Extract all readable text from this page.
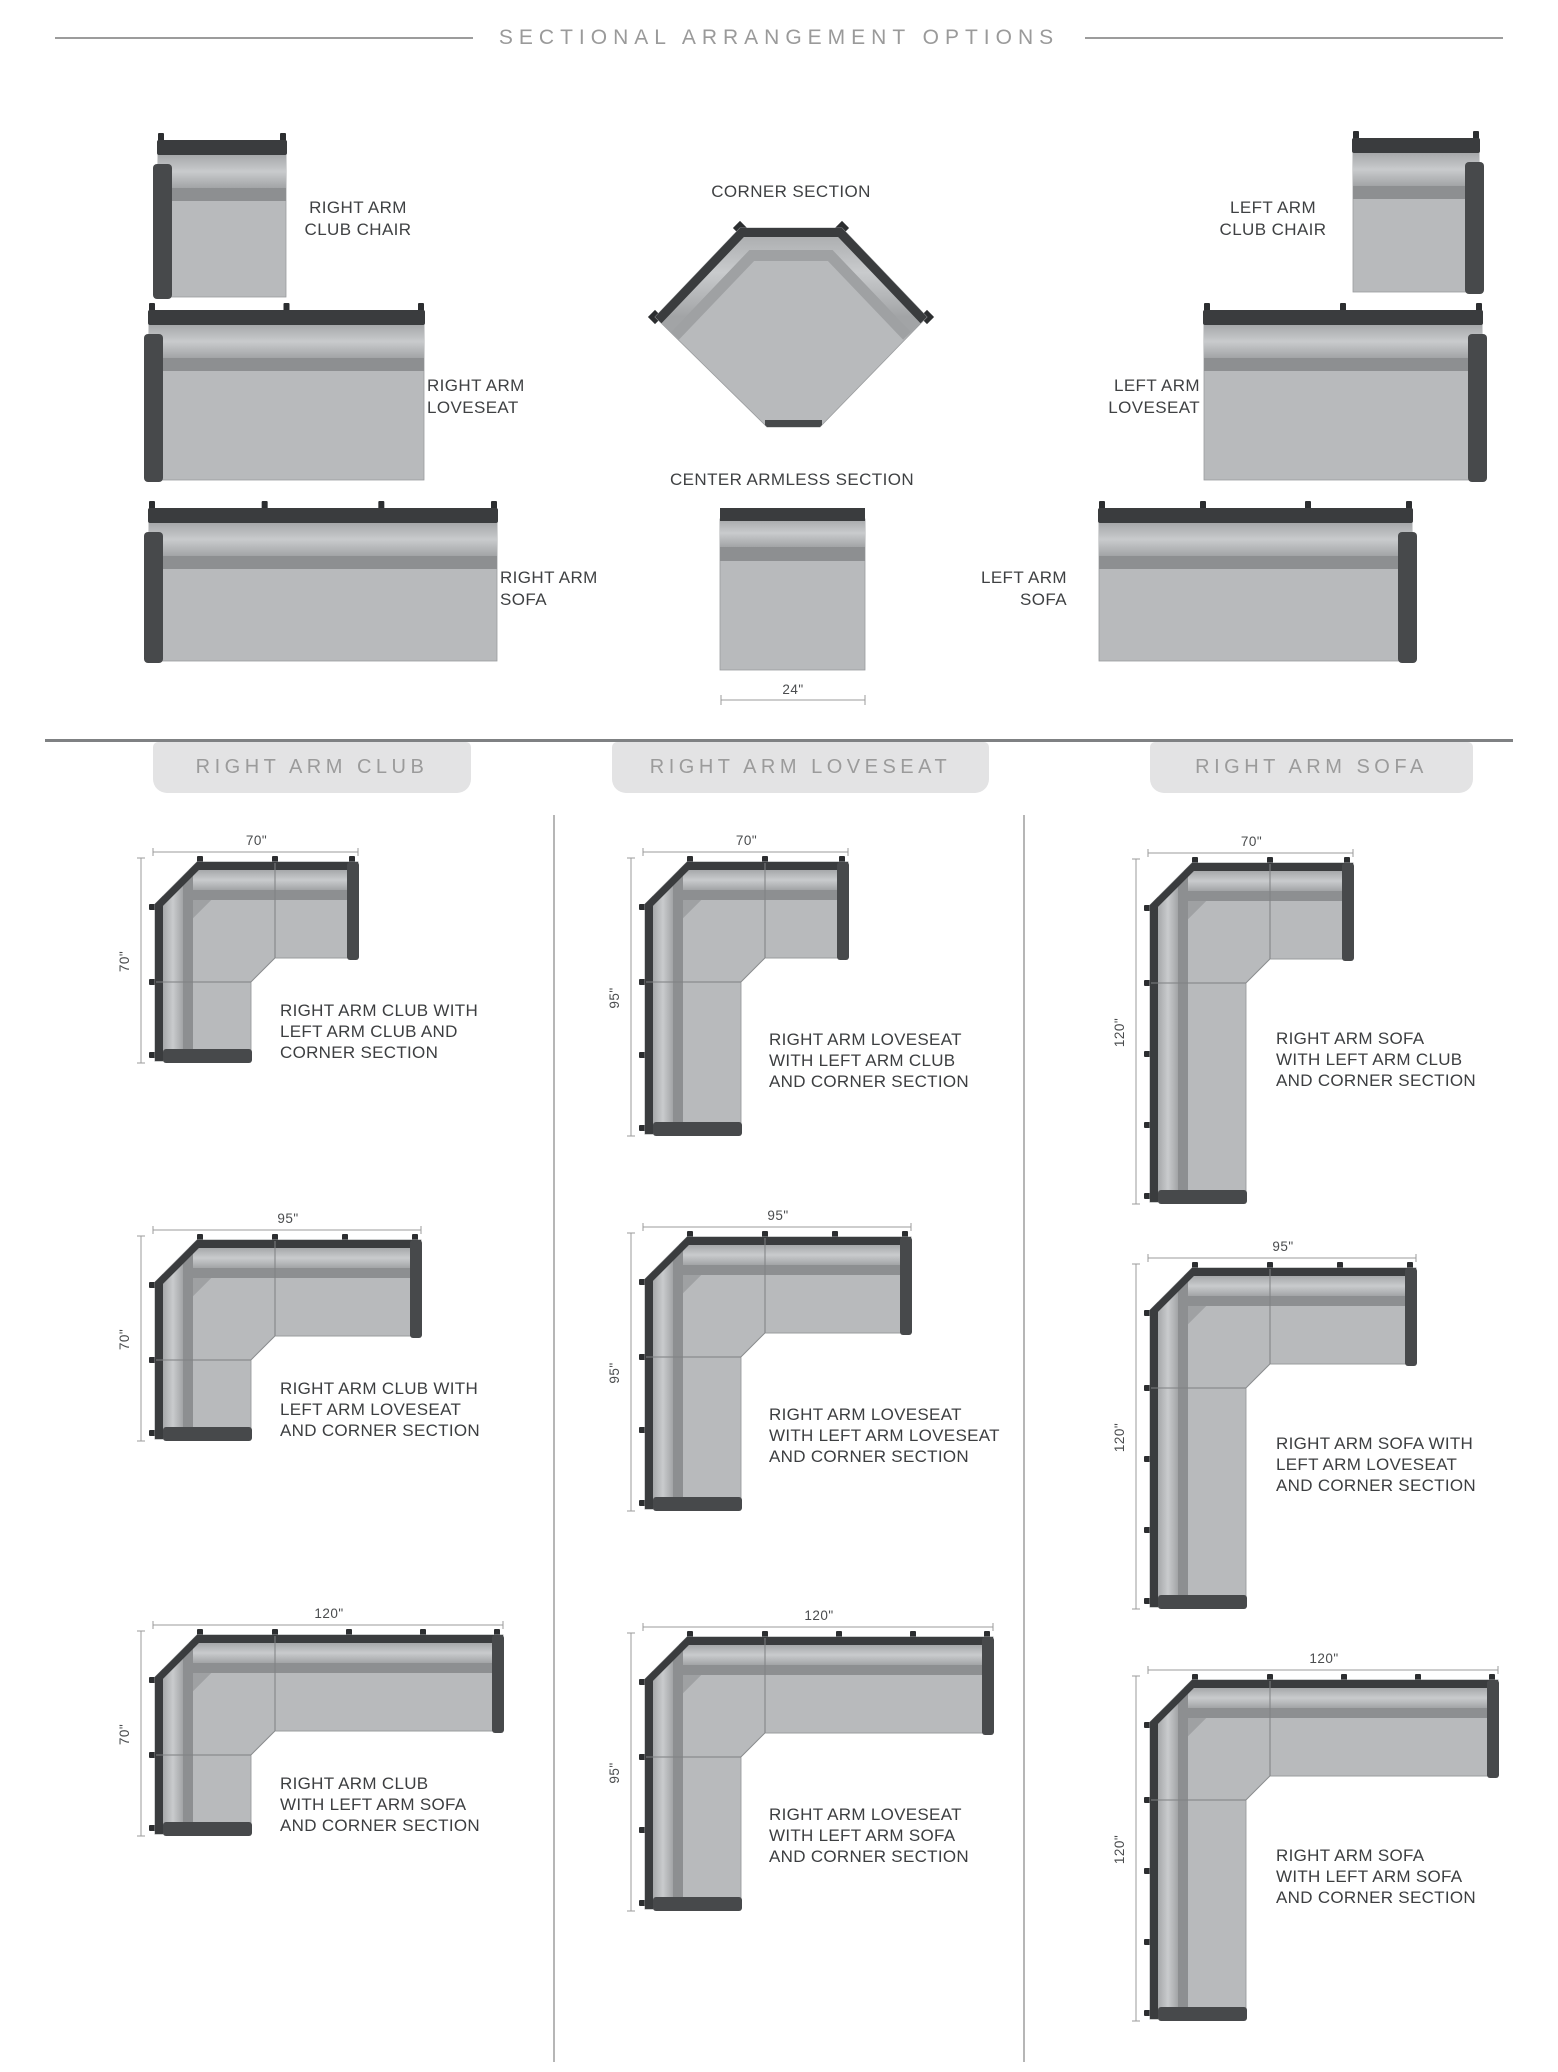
SECTIONAL ARRANGEMENT OPTIONS
24"
RIGHT ARM
CLUB CHAIR
RIGHT ARM
LOVESEAT
RIGHT ARM
SOFA
LEFT ARM
CLUB CHAIR
LEFT ARM
LOVESEAT
LEFT ARM
SOFA
CORNER SECTION
CENTER ARMLESS SECTION
RIGHT ARM CLUB	RIGHT ARM LOVESEAT	RIGHT ARM SOFA
70"
70"
RIGHT ARM CLUB WITH
LEFT ARM CLUB AND
CORNER SECTION
95"
70"
RIGHT ARM CLUB WITH
LEFT ARM LOVESEAT
AND CORNER SECTION
120"
70"
RIGHT ARM CLUB
WITH LEFT ARM SOFA
AND CORNER SECTION
70"
95"
RIGHT ARM LOVESEAT
WITH LEFT ARM CLUB
AND CORNER SECTION
95"
95"
RIGHT ARM LOVESEAT
WITH LEFT ARM LOVESEAT
AND CORNER SECTION
120"
95"
RIGHT ARM LOVESEAT
WITH LEFT ARM SOFA
AND CORNER SECTION
70"
120"	RIGHT ARM SOFA
WITH LEFT ARM CLUB
AND CORNER SECTION
95"
120"	RIGHT ARM SOFA WITH
LEFT ARM LOVESEAT
AND CORNER SECTION
120"
120"	RIGHT ARM SOFA
WITH LEFT ARM SOFA
AND CORNER SECTION
